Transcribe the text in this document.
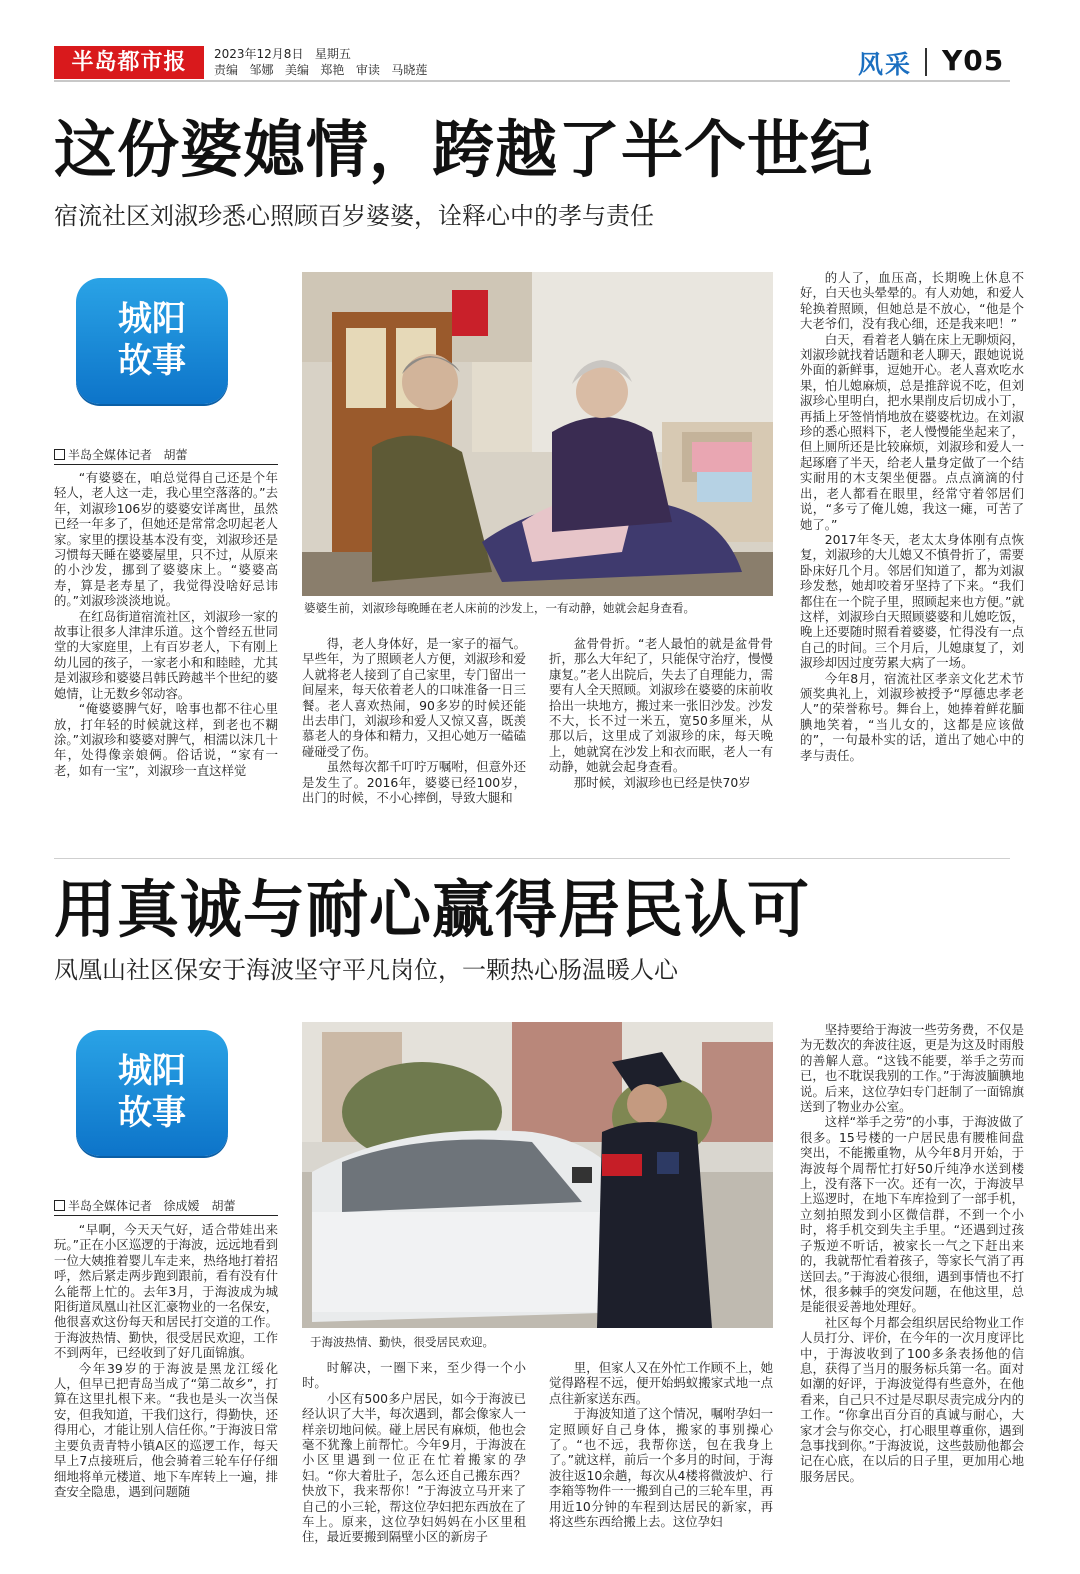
半岛都市报	2023年12月8日 星期五
责编 邹娜 美编 郑艳 审读 马晓莲	风采 Y05
这份婆媳情，跨越了半个世纪
宿流社区刘淑珍悉心照顾百岁婆婆，诠释心中的孝与责任
城阳
故事
半岛全媒体记者 胡蕾

“有婆婆在，咱总觉得自己还是个年轻人，老人这一走，我心里空落落的。”去年，刘淑珍106岁的婆婆安详离世，虽然已经一年多了，但她还是常常念叨起老人家。家里的摆设基本没有变，刘淑珍还是习惯每天睡在婆婆屋里，只不过，从原来的小沙发，挪到了婆婆床上。“婆婆高寿，算是老寿星了，我觉得没啥好忌讳的。”刘淑珍淡淡地说。

在红岛街道宿流社区，刘淑珍一家的故事让很多人津津乐道。这个曾经五世同堂的大家庭里，上有百岁老人，下有刚上幼儿园的孩子，一家老小和和睦睦，尤其是刘淑珍和婆婆吕韩氏跨越半个世纪的婆媳情，让无数乡邻动容。

“俺婆婆脾气好，啥事也都不往心里放，打年轻的时候就这样，到老也不糊涂。”刘淑珍和婆婆对脾气，相濡以沫几十年，处得像亲娘俩。俗话说，“家有一老，如有一宝”，刘淑珍一直这样觉

婆婆生前，刘淑珍每晚睡在老人床前的沙发上，一有动静，她就会起身查看。

得，老人身体好，是一家子的福气。早些年，为了照顾老人方便，刘淑珍和爱人就将老人接到了自己家里，专门留出一间屋来，每天依着老人的口味准备一日三餐。老人喜欢热闹，90多岁的时候还能出去串门，刘淑珍和爱人又惊又喜，既羡慕老人的身体和精力，又担心她万一磕磕碰碰受了伤。

虽然每次都千叮咛万嘱咐，但意外还是发生了。2016年，婆婆已经100岁，出门的时候，不小心摔倒，导致大腿和

盆骨骨折。“老人最怕的就是盆骨骨折，那么大年纪了，只能保守治疗，慢慢康复。”老人出院后，失去了自理能力，需要有人全天照顾。刘淑珍在婆婆的床前收拾出一块地方，搬过来一张旧沙发。沙发不大，长不过一米五，宽50多厘米，从那以后，这里成了刘淑珍的床，每天晚上，她就窝在沙发上和衣而眠，老人一有动静，她就会起身查看。

那时候，刘淑珍也已经是快70岁

的人了，血压高，长期晚上休息不好，白天也头晕晕的。有人劝她，和爱人轮换着照顾，但她总是不放心，“他是个大老爷们，没有我心细，还是我来吧！”

白天，看着老人躺在床上无聊烦闷，刘淑珍就找着话题和老人聊天，跟她说说外面的新鲜事，逗她开心。老人喜欢吃水果，怕儿媳麻烦，总是推辞说不吃，但刘淑珍心里明白，把水果削皮后切成小丁，再插上牙签悄悄地放在婆婆枕边。在刘淑珍的悉心照料下，老人慢慢能坐起来了，但上厕所还是比较麻烦，刘淑珍和爱人一起琢磨了半天，给老人量身定做了一个结实耐用的木支架坐便器。点点滴滴的付出，老人都看在眼里，经常守着邻居们说，“多亏了俺儿媳，我这一瘫，可苦了她了。”

2017年冬天，老太太身体刚有点恢复，刘淑珍的大儿媳又不慎骨折了，需要卧床好几个月。邻居们知道了，都为刘淑珍发愁，她却咬着牙坚持了下来。“我们都住在一个院子里，照顾起来也方便。”就这样，刘淑珍白天照顾婆婆和儿媳吃饭，晚上还要随时照看着婆婆，忙得没有一点自己的时间。三个月后，儿媳康复了，刘淑珍却因过度劳累大病了一场。

今年8月，宿流社区孝亲文化艺术节颁奖典礼上，刘淑珍被授予“厚德忠孝老人”的荣誉称号。舞台上，她捧着鲜花腼腆地笑着，“当儿女的，这都是应该做的”，一句最朴实的话，道出了她心中的孝与责任。

用真诚与耐心赢得居民认可
凤凰山社区保安于海波坚守平凡岗位，一颗热心肠温暖人心
城阳
故事
半岛全媒体记者 徐成嫒　胡蕾

“早啊，今天天气好，适合带娃出来玩。”正在小区巡逻的于海波，远远地看到一位大姨推着婴儿车走来，热络地打着招呼，然后紧走两步跑到跟前，看有没有什么能帮上忙的。去年3月，于海波成为城阳街道凤凰山社区汇豪物业的一名保安，他很喜欢这份每天和居民打交道的工作。于海波热情、勤快，很受居民欢迎，工作不到两年，已经收到了好几面锦旗。

今年39岁的于海波是黑龙江绥化人，但早已把青岛当成了“第二故乡”，打算在这里扎根下来。“我也是头一次当保安，但我知道，干我们这行，得勤快，还得用心，才能让别人信任你。”于海波日常主要负责青特小镇A区的巡逻工作，每天早上7点接班后，他会骑着三轮车仔仔细细地将单元楼道、地下车库转上一遍，排查安全隐患，遇到问题随

于海波热情、勤快，很受居民欢迎。

时解决，一圈下来，至少得一个小时。

小区有500多户居民，如今于海波已经认识了大半，每次遇到，都会像家人一样亲切地问候。碰上居民有麻烦，他也会毫不犹豫上前帮忙。今年9月，于海波在小区里遇到一位正在忙着搬家的孕妇。“你大着肚子，怎么还自己搬东西？快放下，我来帮你！”于海波立马开来了自己的小三轮，帮这位孕妇把东西放在了车上。原来，这位孕妇妈妈在小区里租住，最近要搬到隔壁小区的新房子

里，但家人又在外忙工作顾不上，她觉得路程不远，便开始蚂蚁搬家式地一点点往新家送东西。

于海波知道了这个情况，嘱咐孕妇一定照顾好自己身体，搬家的事别操心了。“也不远，我帮你送，包在我身上了。”就这样，前后一个多月的时间，于海波往返10余趟，每次从4楼将微波炉、行李箱等物件一一搬到自己的三轮车里，再用近10分钟的车程到达居民的新家，再将这些东西给搬上去。这位孕妇

坚持要给于海波一些劳务费，不仅是为无数次的奔波往返，更是为这及时雨般的善解人意。“这钱不能要，举手之劳而已，也不耽误我别的工作。”于海波腼腆地说。后来，这位孕妇专门赶制了一面锦旗送到了物业办公室。

这样“举手之劳”的小事，于海波做了很多。15号楼的一户居民患有腰椎间盘突出，不能搬重物，从今年8月开始，于海波每个周帮忙打好50斤纯净水送到楼上，没有落下一次。还有一次，于海波早上巡逻时，在地下车库捡到了一部手机，立刻拍照发到小区微信群，不到一个小时，将手机交到失主手里。“还遇到过孩子叛逆不听话，被家长一气之下赶出来的，我就帮忙看着孩子，等家长气消了再送回去。”于海波心很细，遇到事情也不打怵，很多棘手的突发问题，在他这里，总是能很妥善地处理好。

社区每个月都会组织居民给物业工作人员打分、评价，在今年的一次月度评比中，于海波收到了100多条表扬他的信息，获得了当月的服务标兵第一名。面对如潮的好评，于海波觉得有些意外，在他看来，自己只不过是尽职尽责完成分内的工作。“你拿出百分百的真诚与耐心，大家才会与你交心，打心眼里尊重你，遇到急事找到你。”于海波说，这些鼓励他都会记在心底，在以后的日子里，更加用心地服务居民。
